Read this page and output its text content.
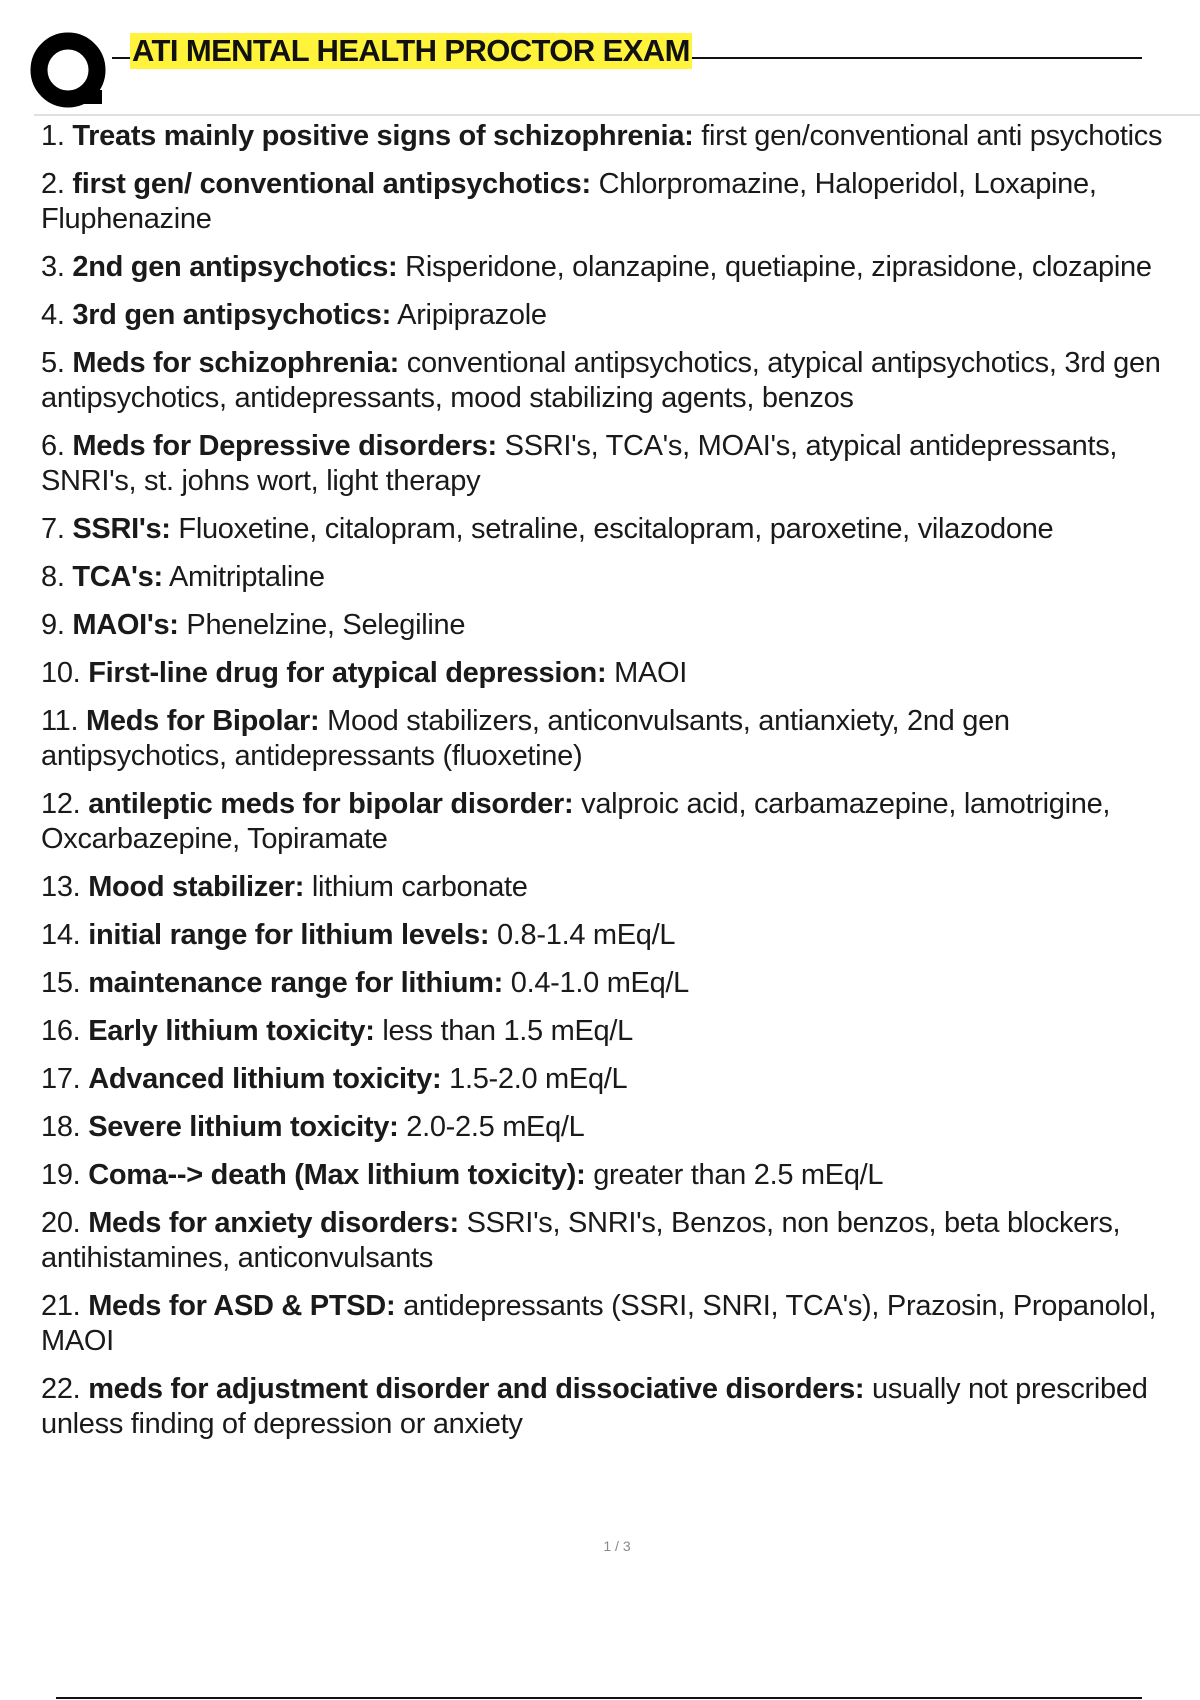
ATI MENTAL HEALTH PROCTOR EXAM
1. Treats mainly positive signs of schizophrenia: first gen/conventional anti psychotics
2. first gen/ conventional antipsychotics: Chlorpromazine, Haloperidol, Loxapine, Fluphenazine
3. 2nd gen antipsychotics: Risperidone, olanzapine, quetiapine, ziprasidone, clozapine
4. 3rd gen antipsychotics: Aripiprazole
5. Meds for schizophrenia: conventional antipsychotics, atypical antipsychotics, 3rd gen antipsychotics, antidepressants, mood stabilizing agents, benzos
6. Meds for Depressive disorders: SSRI's, TCA's, MOAI's, atypical antidepressants, SNRI's, st. johns wort, light therapy
7. SSRI's: Fluoxetine, citalopram, setraline, escitalopram, paroxetine, vilazodone
8. TCA's: Amitriptaline
9. MAOI's: Phenelzine, Selegiline
10. First-line drug for atypical depression: MAOI
11. Meds for Bipolar: Mood stabilizers, anticonvulsants, antianxiety, 2nd gen antipsychotics, antidepressants (fluoxetine)
12. antileptic meds for bipolar disorder: valproic acid, carbamazepine, lamotrigine, Oxcarbazepine, Topiramate
13. Mood stabilizer: lithium carbonate
14. initial range for lithium levels: 0.8-1.4 mEq/L
15. maintenance range for lithium: 0.4-1.0 mEq/L
16. Early lithium toxicity: less than 1.5 mEq/L
17. Advanced lithium toxicity: 1.5-2.0 mEq/L
18. Severe lithium toxicity: 2.0-2.5 mEq/L
19. Coma--> death (Max lithium toxicity): greater than 2.5 mEq/L
20. Meds for anxiety disorders: SSRI's, SNRI's, Benzos, non benzos, beta blockers, antihistamines, anticonvulsants
21. Meds for ASD & PTSD: antidepressants (SSRI, SNRI, TCA's), Prazosin, Propanolol, MAOI
22. meds for adjustment disorder and dissociative disorders: usually not prescribed unless finding of depression or anxiety
1 / 3
